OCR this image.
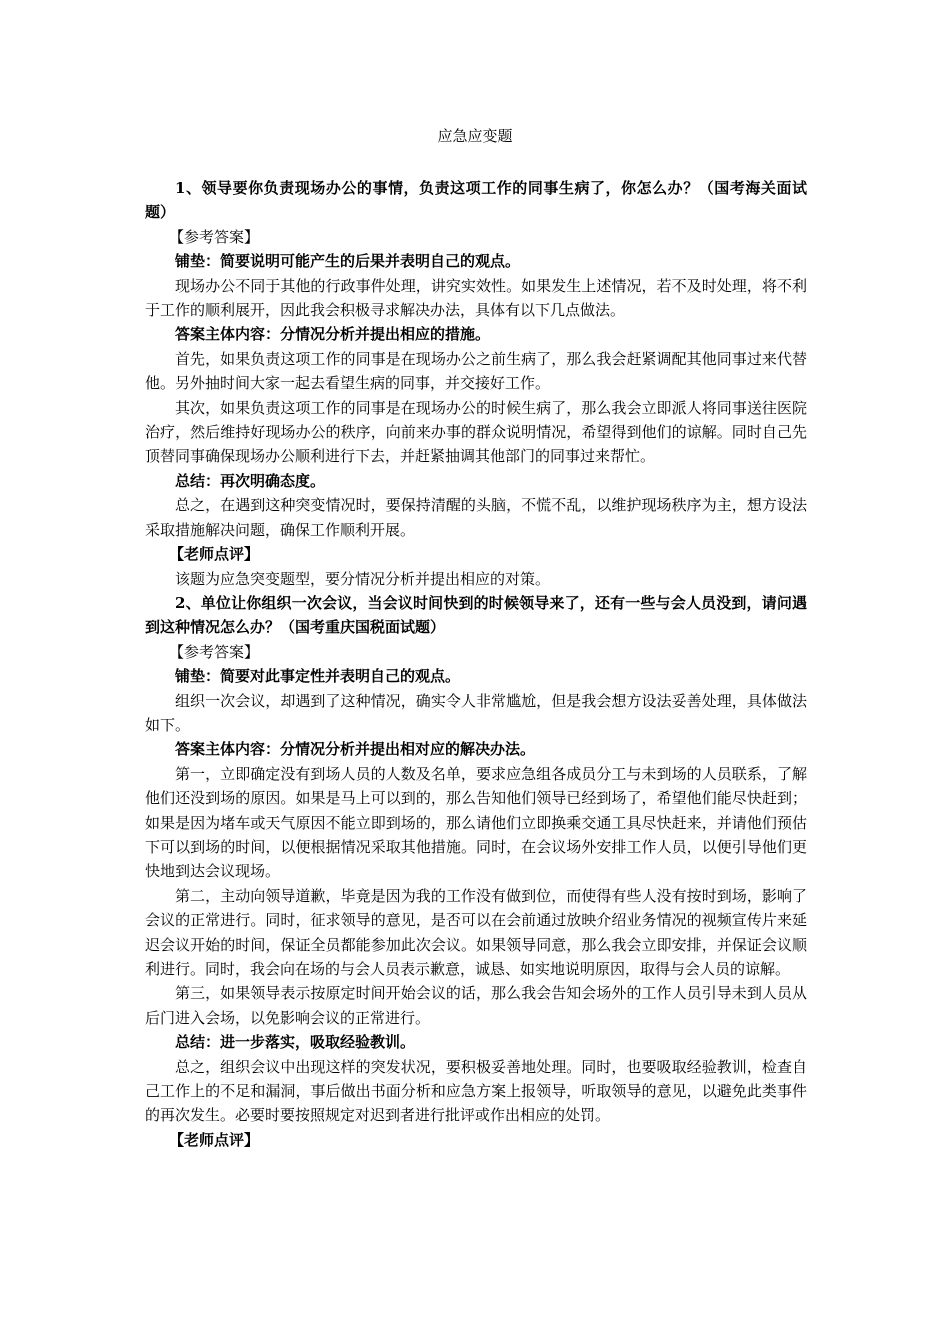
应急应变题

1、领导要你负责现场办公的事情，负责这项工作的同事生病了，你怎么办？（国考海关面试题）

【参考答案】

铺垫：简要说明可能产生的后果并表明自己的观点。

现场办公不同于其他的行政事件处理，讲究实效性。如果发生上述情况，若不及时处理，将不利于工作的顺利展开，因此我会积极寻求解决办法，具体有以下几点做法。

答案主体内容：分情况分析并提出相应的措施。

首先，如果负责这项工作的同事是在现场办公之前生病了，那么我会赶紧调配其他同事过来代替他。另外抽时间大家一起去看望生病的同事，并交接好工作。

其次，如果负责这项工作的同事是在现场办公的时候生病了，那么我会立即派人将同事送往医院治疗，然后维持好现场办公的秩序，向前来办事的群众说明情况，希望得到他们的谅解。同时自己先顶替同事确保现场办公顺利进行下去，并赶紧抽调其他部门的同事过来帮忙。

总结：再次明确态度。

总之，在遇到这种突变情况时，要保持清醒的头脑，不慌不乱，以维护现场秩序为主，想方设法采取措施解决问题，确保工作顺利开展。

【老师点评】

该题为应急突变题型，要分情况分析并提出相应的对策。

2、单位让你组织一次会议，当会议时间快到的时候领导来了，还有一些与会人员没到，请问遇到这种情况怎么办？（国考重庆国税面试题）

【参考答案】

铺垫：简要对此事定性并表明自己的观点。

组织一次会议，却遇到了这种情况，确实令人非常尴尬，但是我会想方设法妥善处理，具体做法如下。

答案主体内容：分情况分析并提出相对应的解决办法。

第一，立即确定没有到场人员的人数及名单，要求应急组各成员分工与未到场的人员联系，了解他们还没到场的原因。如果是马上可以到的，那么告知他们领导已经到场了，希望他们能尽快赶到；如果是因为堵车或天气原因不能立即到场的，那么请他们立即换乘交通工具尽快赶来，并请他们预估下可以到场的时间，以便根据情况采取其他措施。同时，在会议场外安排工作人员，以便引导他们更快地到达会议现场。

第二，主动向领导道歉，毕竟是因为我的工作没有做到位，而使得有些人没有按时到场，影响了会议的正常进行。同时，征求领导的意见，是否可以在会前通过放映介绍业务情况的视频宣传片来延迟会议开始的时间，保证全员都能参加此次会议。如果领导同意，那么我会立即安排，并保证会议顺利进行。同时，我会向在场的与会人员表示歉意，诚恳、如实地说明原因，取得与会人员的谅解。

第三，如果领导表示按原定时间开始会议的话，那么我会告知会场外的工作人员引导未到人员从后门进入会场，以免影响会议的正常进行。

总结：进一步落实，吸取经验教训。

总之，组织会议中出现这样的突发状况，要积极妥善地处理。同时，也要吸取经验教训，检查自己工作上的不足和漏洞，事后做出书面分析和应急方案上报领导，听取领导的意见，以避免此类事件的再次发生。必要时要按照规定对迟到者进行批评或作出相应的处罚。

【老师点评】
